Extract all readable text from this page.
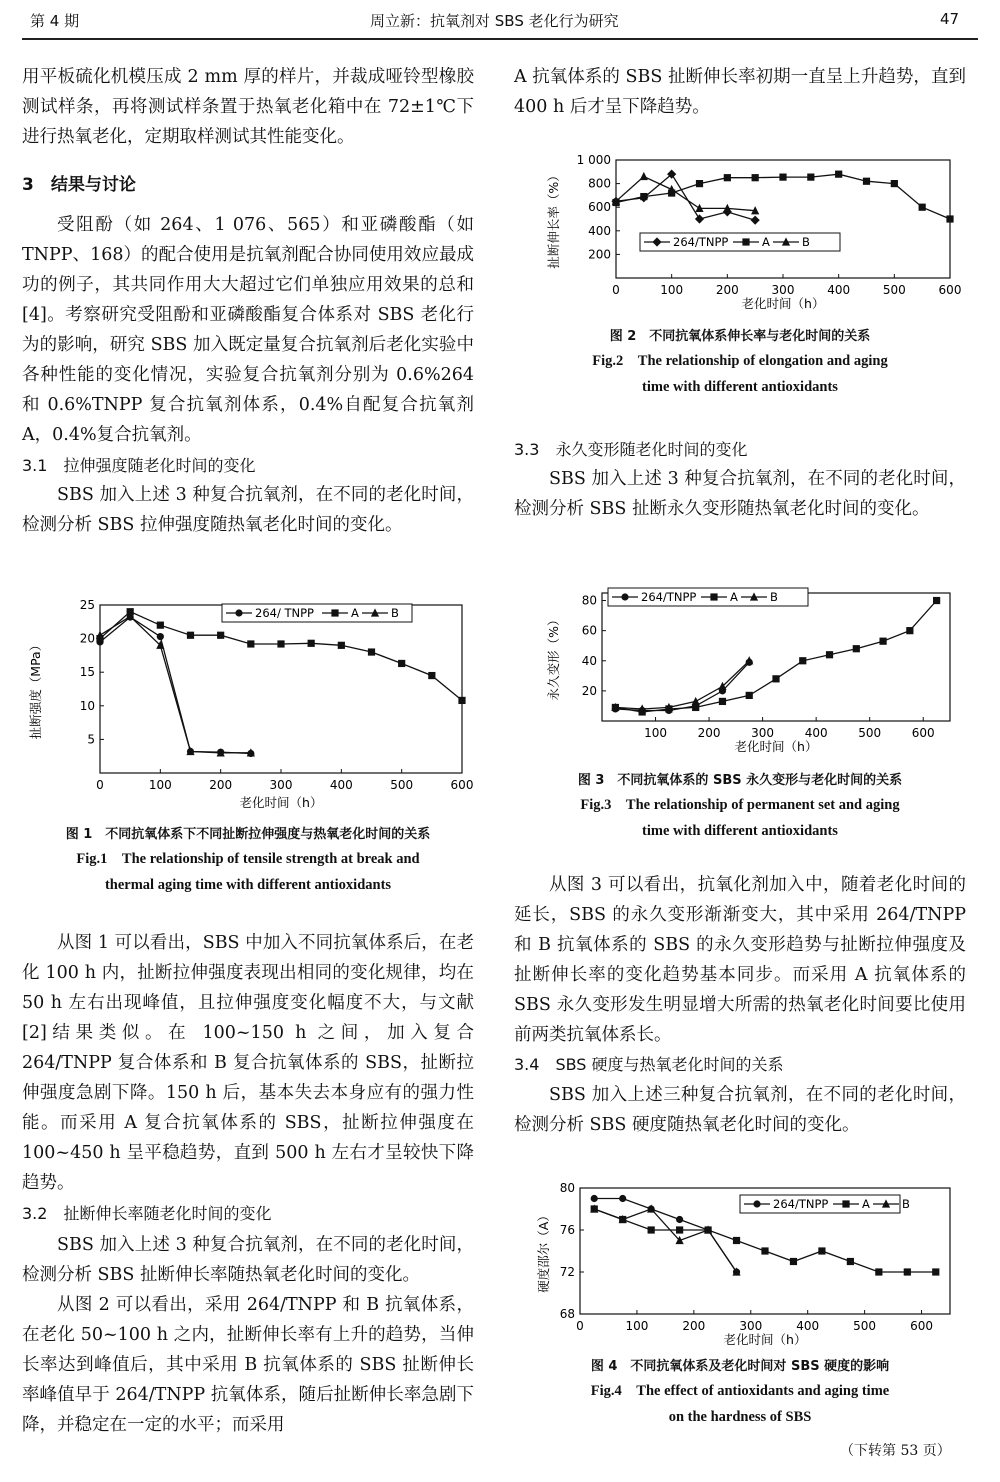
第 4 期	周立新：抗氧剂对 SBS 老化行为研究	47

用平板硫化机模压成 2 mm 厚的样片，并裁成哑铃型橡胶测试样条，再将测试样条置于热氧老化箱中在 72±1℃下进行热氧老化，定期取样测试其性能变化。

3　结果与讨论

受阻酚（如 264、1 076、565）和亚磷酸酯（如 TNPP、168）的配合使用是抗氧剂配合协同使用效应最成功的例子，其共同作用大大超过它们单独应用效果的总和[4]。考察研究受阻酚和亚磷酸酯复合体系对 SBS 老化行为的影响，研究 SBS 加入既定量复合抗氧剂后老化实验中各种性能的变化情况，实验复合抗氧剂分别为 0.6%264 和 0.6%TNPP 复合抗氧剂体系，0.4%自配复合抗氧剂 A，0.4%复合抗氧剂。

3.1　拉伸强度随老化时间的变化

SBS 加入上述 3 种复合抗氧剂，在不同的老化时间，检测分析 SBS 拉伸强度随热氧老化时间的变化。

0	100	200	300	400	500	600
5
10
15
20
25
老化时间（h）
扯断强度（MPa）
264/ TNPP	A	B
图 1　不同抗氧体系下不同扯断拉伸强度与热氧老化时间的关系
Fig.1　The relationship of tensile strength at break and
thermal aging time with different antioxidants

从图 1 可以看出，SBS 中加入不同抗氧体系后，在老化 100 h 内，扯断拉伸强度表现出相同的变化规律，均在 50 h 左右出现峰值，且拉伸强度变化幅度不大，与文献[2]结果类似。在 100~150 h 之间，加入复合 264/TNPP 复合体系和 B 复合抗氧体系的 SBS，扯断拉伸强度急剧下降。150 h 后，基本失去本身应有的强力性能。而采用 A 复合抗氧体系的 SBS，扯断拉伸强度在 100~450 h 呈平稳趋势，直到 500 h 左右才呈较快下降趋势。

3.2　扯断伸长率随老化时间的变化

SBS 加入上述 3 种复合抗氧剂，在不同的老化时间，检测分析 SBS 扯断伸长率随热氧老化时间的变化。

从图 2 可以看出，采用 264/TNPP 和 B 抗氧体系，在老化 50~100 h 之内，扯断伸长率有上升的趋势，当伸长率达到峰值后，其中采用 B 抗氧体系的 SBS 扯断伸长率峰值早于 264/TNPP 抗氧体系，随后扯断伸长率急剧下降，并稳定在一定的水平；而采用

A 抗氧体系的 SBS 扯断伸长率初期一直呈上升趋势，直到 400 h 后才呈下降趋势。

0	100	200	300	400	500	600
200
400
600
800
1 000
老化时间（h）
扯断伸长率（%）	264/TNPP	A	B
图 2　不同抗氧体系伸长率与老化时间的关系
Fig.2　The relationship of elongation and aging
time with different antioxidants

3.3　永久变形随老化时间的变化

SBS 加入上述 3 种复合抗氧剂，在不同的老化时间，检测分析 SBS 扯断永久变形随热氧老化时间的变化。

100	200	300	400	500	600
20
40
60
80
老化时间（h）
永久变形（%）
264/TNPP	A	B
图 3　不同抗氧体系的 SBS 永久变形与老化时间的关系
Fig.3　The relationship of permanent set and aging
time with different antioxidants

从图 3 可以看出，抗氧化剂加入中，随着老化时间的延长，SBS 的永久变形渐渐变大，其中采用 264/TNPP 和 B 抗氧体系的 SBS 的永久变形趋势与扯断拉伸强度及扯断伸长率的变化趋势基本同步。而采用 A 抗氧体系的 SBS 永久变形发生明显增大所需的热氧老化时间要比使用前两类抗氧体系长。

3.4　SBS 硬度与热氧老化时间的关系

SBS 加入上述三种复合抗氧剂，在不同的老化时间，检测分析 SBS 硬度随热氧老化时间的变化。

0	100	200	300	400	500	600
68
72
76
80
老化时间（h）
硬度邵尔（A）
264/TNPP	A	B
图 4　不同抗氧体系及老化时间对 SBS 硬度的影响
Fig.4　The effect of antioxidants and aging time
on the hardness of SBS
（下转第 53 页）
